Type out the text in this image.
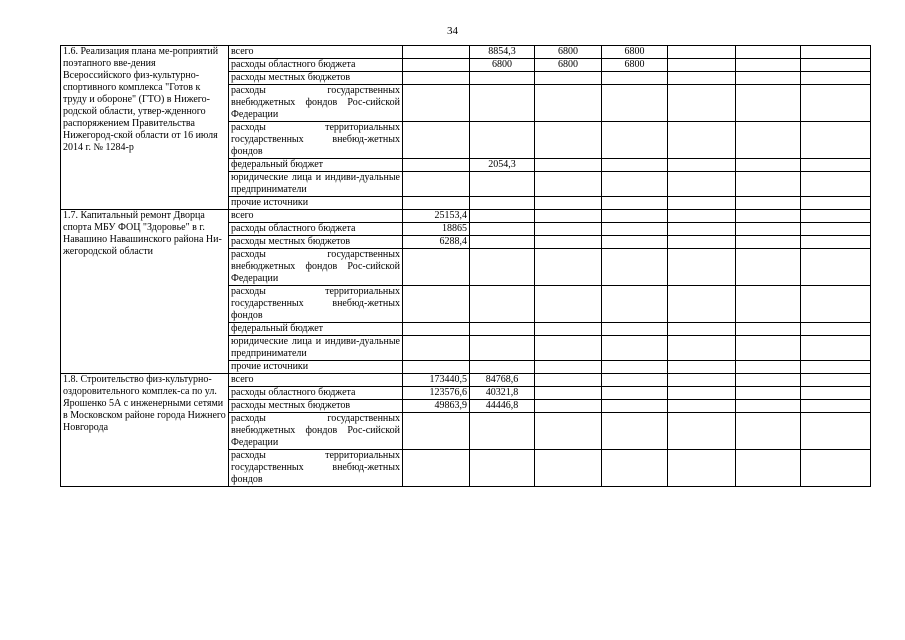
34
1.6. Реализация плана ме-роприятий поэтапного вве-дения Всероссийского физ-культурно-спортивного комплекса "Готов к труду и обороне" (ГТО) в Нижего-родской области, утвер-жденного распоряжением Правительства Нижегород-ской области от 16 июля 2014 г. № 1284-р	всего		8854,3	6800	6800			
	расходы областного бюджета		6800	6800	6800			
	расходы местных бюджетов							
	расходы государственных внебюджетных фондов Рос-сийской Федерации							
	расходы территориальных государственных внебюд-жетных фондов							
	федеральный бюджет		2054,3					
	юридические лица и индиви-дуальные предприниматели							
	прочие источники							
1.7. Капитальный ремонт Дворца спорта МБУ ФОЦ "Здоровье" в г. Навашино Навашинского района Ни-жегородской области	всего	25153,4						
	расходы областного бюджета	18865						
	расходы местных бюджетов	6288,4						
	расходы государственных внебюджетных фондов Рос-сийской Федерации							
	расходы территориальных государственных внебюд-жетных фондов							
	федеральный бюджет							
	юридические лица и индиви-дуальные предприниматели							
	прочие источники							
1.8. Строительство физ-культурно-оздоровительного комплек-са по ул. Ярошенко 5А с инженерными сетями в Московском районе города Нижнего Новгорода	всего	173440,5	84768,6					
	расходы областного бюджета	123576,6	40321,8					
	расходы местных бюджетов	49863,9	44446,8					
	расходы государственных внебюджетных фондов Рос-сийской Федерации							
	расходы территориальных государственных внебюд-жетных фондов							
